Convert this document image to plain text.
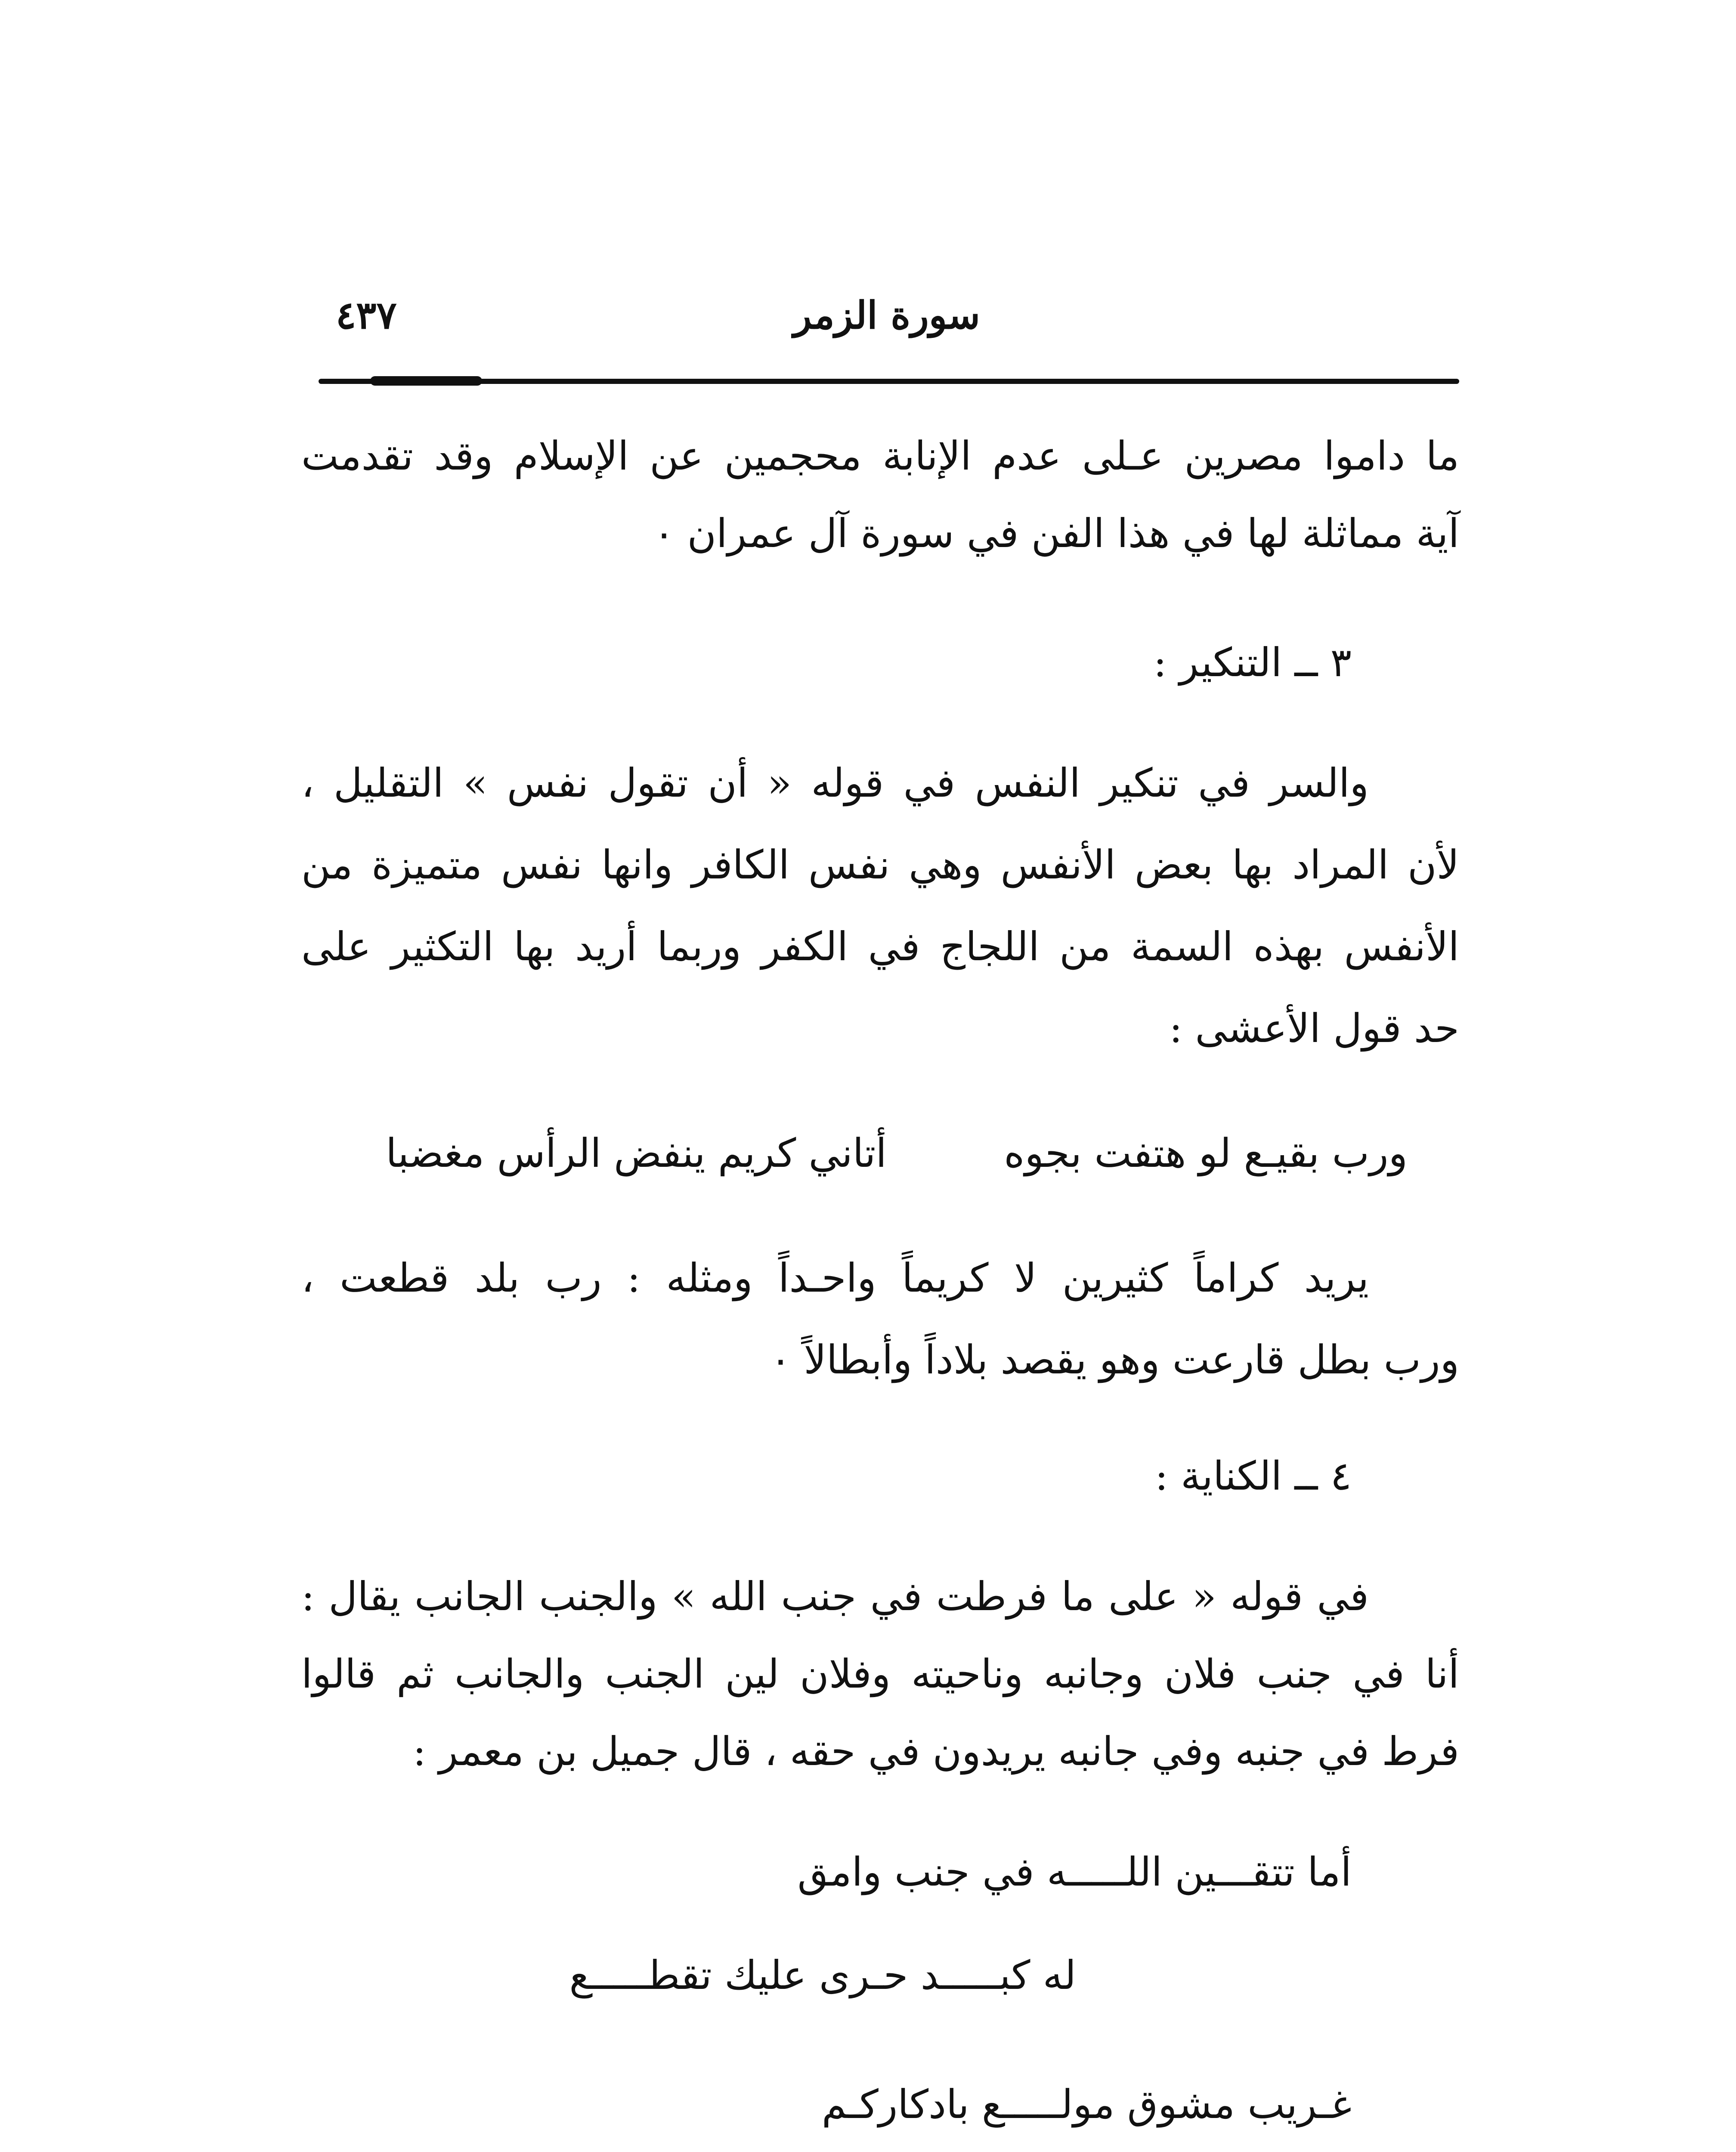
سورة الزمر
٤٣٧
ما داموا مصرين عـلى عدم الإنابة محجمين عن الإسلام وقد تقدمت
آية مماثلة لها في هذا الفن في سورة آل عمران ٠
٣ ــ التنكير :
والسر في تنكير النفس في قوله « أن تقول نفس » التقليل ،
لأن المراد بها بعض الأنفس وهي نفس الكافر وانها نفس متميزة من
الأنفس بهذه السمة من اللجاج في الكفر وربما أريد بها التكثير على
حد قول الأعشى :
ورب بقيـع لو هتفت بجوه
أتاني كريم ينفض الرأس مغضبا
يريد كراماً كثيرين لا كريماً واحـداً ومثله : رب بلد قطعت ،
ورب بطل قارعت وهو يقصد بلاداً وأبطالاً ٠
٤ ــ الكناية :
في قوله « على ما فرطت في جنب الله » والجنب الجانب يقال :
أنا في جنب فلان وجانبه وناحيته وفلان لين الجنب والجانب ثم قالوا
فرط في جنبه وفي جانبه يريدون في حقه ، قال جميل بن معمر :
أما تتقـــين اللـــــه في جنب وامق
له كبـــــد حـرى عليك تقطـــــع
غـريب مشوق مولـــــع بادكاركـم
